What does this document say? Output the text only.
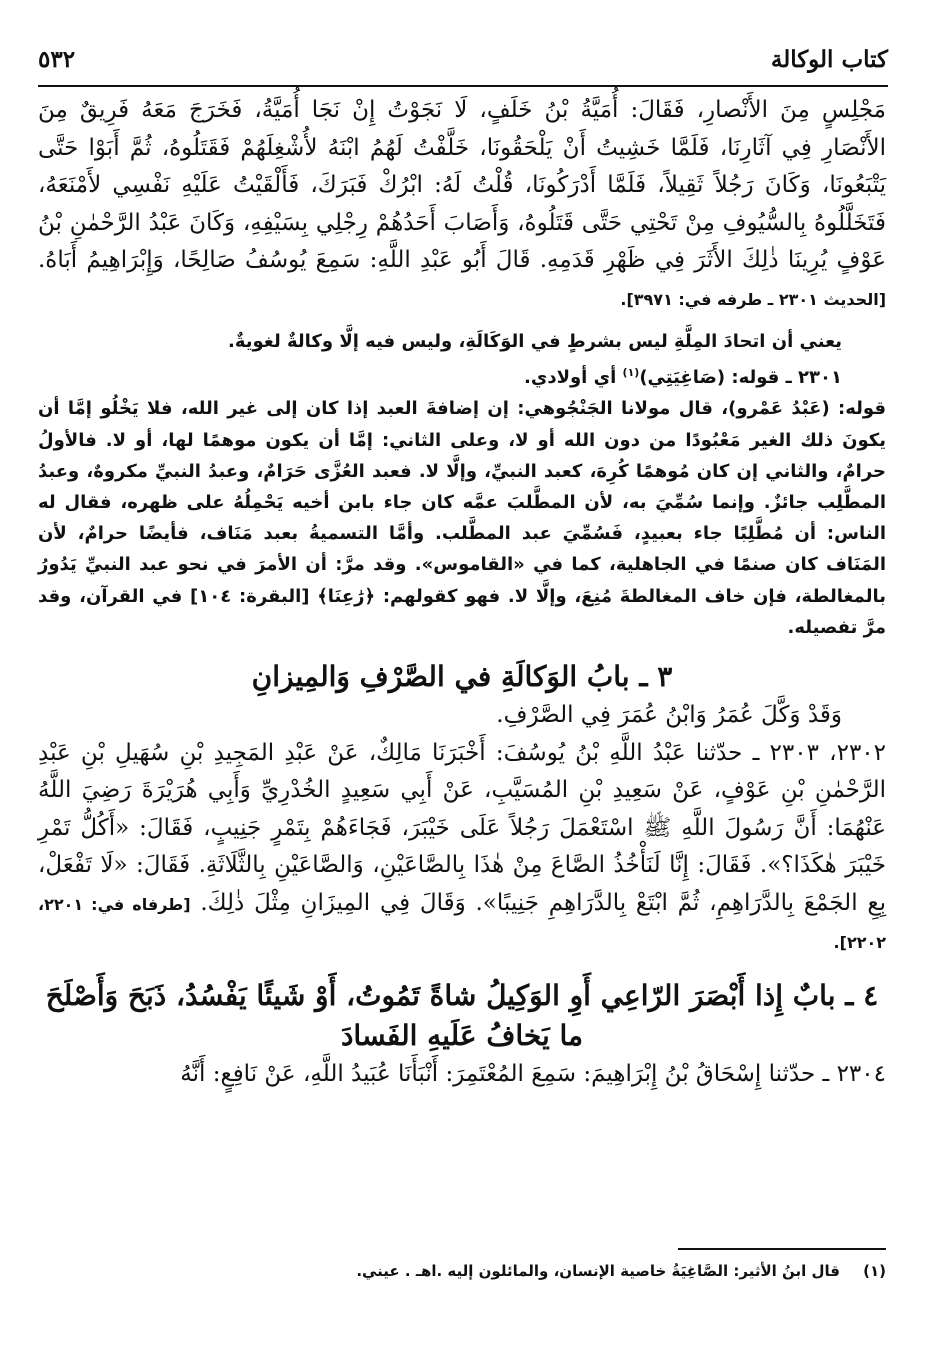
٥٣٢	كتاب الوكالة

مَجْلِسٍ مِنَ الأَنْصارِ، فَقَالَ: أُمَيَّةُ بْنُ خَلَفٍ، لَا نَجَوْتُ إِنْ نَجَا أُمَيَّةُ، فَخَرَجَ مَعَهُ فَرِيقٌ مِنَ الأَنْصَارِ فِي آثَارِنَا، فَلَمَّا خَشِيتُ أَنْ يَلْحَقُونَا، خَلَّفْتُ لَهُمُ ابْنَهُ لأُشْغِلَهُمْ فَقَتَلُوهُ، ثُمَّ أَبَوْا حَتَّى يَتْبَعُونَا، وَكَانَ رَجُلاً ثَقِيلاً، فَلَمَّا أَدْرَكُونَا، قُلْتُ لَهُ: ابْرُكْ فَبَرَكَ، فَأَلْقَيْتُ عَلَيْهِ نَفْسِي لأَمْنَعَهُ، فَتَخَلَّلُوهُ بِالسُّيُوفِ مِنْ تَحْتِي حَتَّى قَتَلُوهُ، وَأَصَابَ أَحَدُهُمْ رِجْلِي بِسَيْفِهِ، وَكَانَ عَبْدُ الرَّحْمٰنِ بْنُ عَوْفٍ يُرِينَا ذٰلِكَ الأَثَرَ فِي ظَهْرِ قَدَمِهِ. قَالَ أَبُو عَبْدِ اللَّهِ: سَمِعَ يُوسُفُ صَالِحًا، وَإِبْرَاهِيمُ أَبَاهُ. [الحديث ٢٣٠١ ـ طرفه في: ٣٩٧١].

يعني أن اتحادَ المِلَّةِ ليس بشرطٍ في الوَكَالَةِ، وليس فيه إلَّا وكالةٌ لغويةٌ.

٢٣٠١ ـ قوله: (صَاغِيَتِي)$^{(١)}$ أي أولادي.

قوله: (عَبْدُ عَمْرو)، قال مولانا الجَنْجُوهي: إن إضافةَ العبد إذا كان إلى غير الله، فلا يَخْلُو إمَّا أن يكونَ ذلك الغير مَعْبُودًا من دون الله أو لا، وعلى الثاني: إمَّا أن يكون موهمًا لها، أو لا. فالأولُ حرامٌ، والثاني إن كان مُوهمًا كُرِهَ، كعبد النبيِّ، وإلَّا لا. فعبد العُزَّى حَرَامٌ، وعبدُ النبيِّ مكروهٌ، وعبدُ المطَّلِب جائزٌ. وإنما سُمِّيَ به، لأن المطَّلبَ عمَّه كان جاء بابن أخيه يَحْمِلُهُ على ظهره، فقال له الناس: أن مُطَّلِبًا جاء بعبيدٍ، فَسُمِّيَ عبد المطَّلب. وأمَّا التسميةُ بعبد مَنَاف، فأيضًا حرامٌ، لأن المَنَاف كان صنمًا في الجاهلية، كما في «القاموس». وقد مرَّ: أن الأمرَ في نحو عبد النبيِّ يَدُورُ بالمغالطة، فإن خاف المغالطةَ مُنِعَ، وإلَّا لا. فهو كقولهم: ﴿رَٰعِنَا﴾ [البقرة: ١٠٤] في القرآن، وقد مرَّ تفصيله.

٣ ـ بابُ الوَكالَةِ في الصَّرْفِ وَالمِيزانِ

وَقَدْ وَكَّلَ عُمَرُ وَابْنُ عُمَرَ فِي الصَّرْفِ.

٢٣٠٢، ٢٣٠٣ ـ حدّثنا عَبْدُ اللَّهِ بْنُ يُوسُفَ: أَخْبَرَنَا مَالِكٌ، عَنْ عَبْدِ المَجِيدِ بْنِ سُهَيلِ بْنِ عَبْدِ الرَّحْمٰنِ بْنِ عَوْفٍ، عَنْ سَعِيدِ بْنِ المُسَيَّبِ، عَنْ أَبِي سَعِيدٍ الخُدْرِيِّ وَأَبِي هُرَيْرَةَ رَضِيَ اللَّهُ عَنْهُمَا: أَنَّ رَسُولَ اللَّهِ ﷺ اسْتَعْمَلَ رَجُلاً عَلَى خَيْبَرَ، فَجَاءَهُمْ بِتَمْرٍ جَنِيبٍ، فَقَالَ: «أَكُلُّ تَمْرِ خَيْبَرَ هٰكَذَا؟». فَقَالَ: إِنَّا لَنَأْخُذُ الصَّاعَ مِنْ هٰذَا بِالصَّاعَيْنِ، وَالصَّاعَيْنِ بِالثَّلَاثَةِ. فَقَالَ: «لَا تَفْعَلْ، بِعِ الجَمْعَ بِالدَّرَاهِمِ، ثُمَّ ابْتَعْ بِالدَّرَاهِمِ جَنِيبًا». وَقَالَ فِي المِيزَانِ مِثْلَ ذٰلِكَ. [طرفاه في: ٢٢٠١، ٢٢٠٢].

٤ ـ بابٌ إِذا أَبْصَرَ الرّاعِي أَوِ الوَكِيلُ شاةً تَمُوتُ، أَوْ شَيئًا يَفْسُدُ، ذَبَحَ وَأَصْلَحَ ما يَخافُ عَلَيهِ الفَسادَ

٢٣٠٤ ـ حدّثنا إِسْحَاقُ بْنُ إِبْرَاهِيمَ: سَمِعَ المُعْتَمِرَ: أَنْبَأَنَا عُبَيدُ اللَّهِ، عَنْ نَافِعٍ: أَنَّهُ

(١)قال ابنُ الأثير: الصَّاغِيَةُ خاصية الإنسان، والمائلون إليه .اهـ . عيني.
